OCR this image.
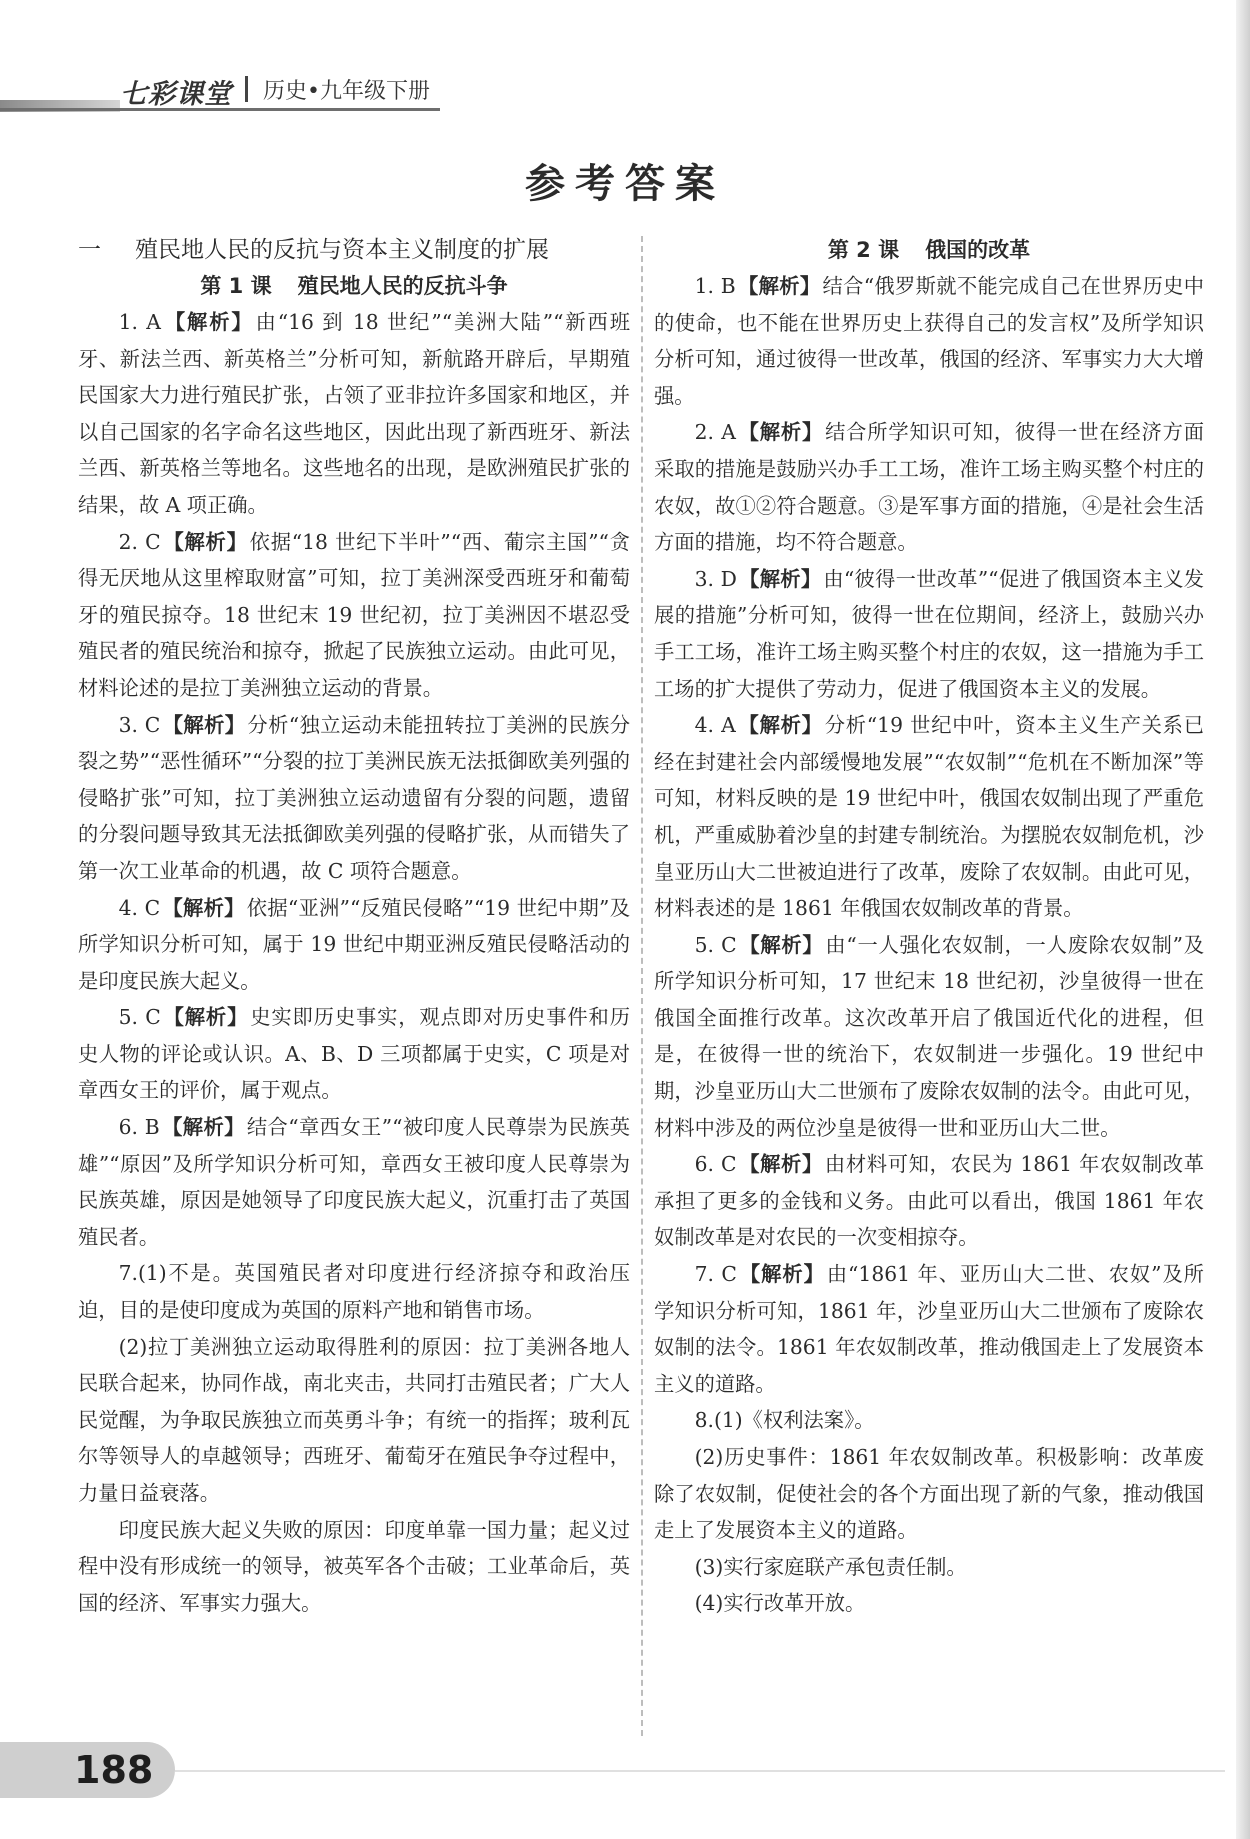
七彩课堂 历史•九年级下册
参考答案
一 殖民地人民的反抗与资本主义制度的扩展
第 1 课 殖民地人民的反抗斗争

1. A【解析】由“16 到 18 世纪”“美洲大陆”“新西班牙、新法兰西、新英格兰”分析可知，新航路开辟后，早期殖民国家大力进行殖民扩张，占领了亚非拉许多国家和地区，并以自己国家的名字命名这些地区，因此出现了新西班牙、新法兰西、新英格兰等地名。这些地名的出现，是欧洲殖民扩张的结果，故 A 项正确。

2. C【解析】依据“18 世纪下半叶”“西、葡宗主国”“贪得无厌地从这里榨取财富”可知，拉丁美洲深受西班牙和葡萄牙的殖民掠夺。18 世纪末 19 世纪初，拉丁美洲因不堪忍受殖民者的殖民统治和掠夺，掀起了民族独立运动。由此可见，材料论述的是拉丁美洲独立运动的背景。

3. C【解析】分析“独立运动未能扭转拉丁美洲的民族分裂之势”“恶性循环”“分裂的拉丁美洲民族无法抵御欧美列强的侵略扩张”可知，拉丁美洲独立运动遗留有分裂的问题，遗留的分裂问题导致其无法抵御欧美列强的侵略扩张，从而错失了第一次工业革命的机遇，故 C 项符合题意。

4. C【解析】依据“亚洲”“反殖民侵略”“19 世纪中期”及所学知识分析可知，属于 19 世纪中期亚洲反殖民侵略活动的是印度民族大起义。

5. C【解析】史实即历史事实，观点即对历史事件和历史人物的评论或认识。A、B、D 三项都属于史实，C 项是对章西女王的评价，属于观点。

6. B【解析】结合“章西女王”“被印度人民尊崇为民族英雄”“原因”及所学知识分析可知，章西女王被印度人民尊崇为民族英雄，原因是她领导了印度民族大起义，沉重打击了英国殖民者。

7.(1)不是。英国殖民者对印度进行经济掠夺和政治压迫，目的是使印度成为英国的原料产地和销售市场。

(2)拉丁美洲独立运动取得胜利的原因：拉丁美洲各地人民联合起来，协同作战，南北夹击，共同打击殖民者；广大人民觉醒，为争取民族独立而英勇斗争；有统一的指挥；玻利瓦尔等领导人的卓越领导；西班牙、葡萄牙在殖民争夺过程中，力量日益衰落。

印度民族大起义失败的原因：印度单靠一国力量；起义过程中没有形成统一的领导，被英军各个击破；工业革命后，英国的经济、军事实力强大。

第 2 课 俄国的改革

1. B【解析】结合“俄罗斯就不能完成自己在世界历史中的使命，也不能在世界历史上获得自己的发言权”及所学知识分析可知，通过彼得一世改革，俄国的经济、军事实力大大增强。

2. A【解析】结合所学知识可知，彼得一世在经济方面采取的措施是鼓励兴办手工工场，准许工场主购买整个村庄的农奴，故①②符合题意。③是军事方面的措施，④是社会生活方面的措施，均不符合题意。

3. D【解析】由“彼得一世改革”“促进了俄国资本主义发展的措施”分析可知，彼得一世在位期间，经济上，鼓励兴办手工工场，准许工场主购买整个村庄的农奴，这一措施为手工工场的扩大提供了劳动力，促进了俄国资本主义的发展。

4. A【解析】分析“19 世纪中叶，资本主义生产关系已经在封建社会内部缓慢地发展”“农奴制”“危机在不断加深”等可知，材料反映的是 19 世纪中叶，俄国农奴制出现了严重危机，严重威胁着沙皇的封建专制统治。为摆脱农奴制危机，沙皇亚历山大二世被迫进行了改革，废除了农奴制。由此可见，材料表述的是 1861 年俄国农奴制改革的背景。

5. C【解析】由“一人强化农奴制，一人废除农奴制”及所学知识分析可知，17 世纪末 18 世纪初，沙皇彼得一世在俄国全面推行改革。这次改革开启了俄国近代化的进程，但是，在彼得一世的统治下，农奴制进一步强化。19 世纪中期，沙皇亚历山大二世颁布了废除农奴制的法令。由此可见，材料中涉及的两位沙皇是彼得一世和亚历山大二世。

6. C【解析】由材料可知，农民为 1861 年农奴制改革承担了更多的金钱和义务。由此可以看出，俄国 1861 年农奴制改革是对农民的一次变相掠夺。

7. C【解析】由“1861 年、亚历山大二世、农奴”及所学知识分析可知，1861 年，沙皇亚历山大二世颁布了废除农奴制的法令。1861 年农奴制改革，推动俄国走上了发展资本主义的道路。

8.(1)《权利法案》。

(2)历史事件：1861 年农奴制改革。积极影响：改革废除了农奴制，促使社会的各个方面出现了新的气象，推动俄国走上了发展资本主义的道路。

(3)实行家庭联产承包责任制。

(4)实行改革开放。

188
